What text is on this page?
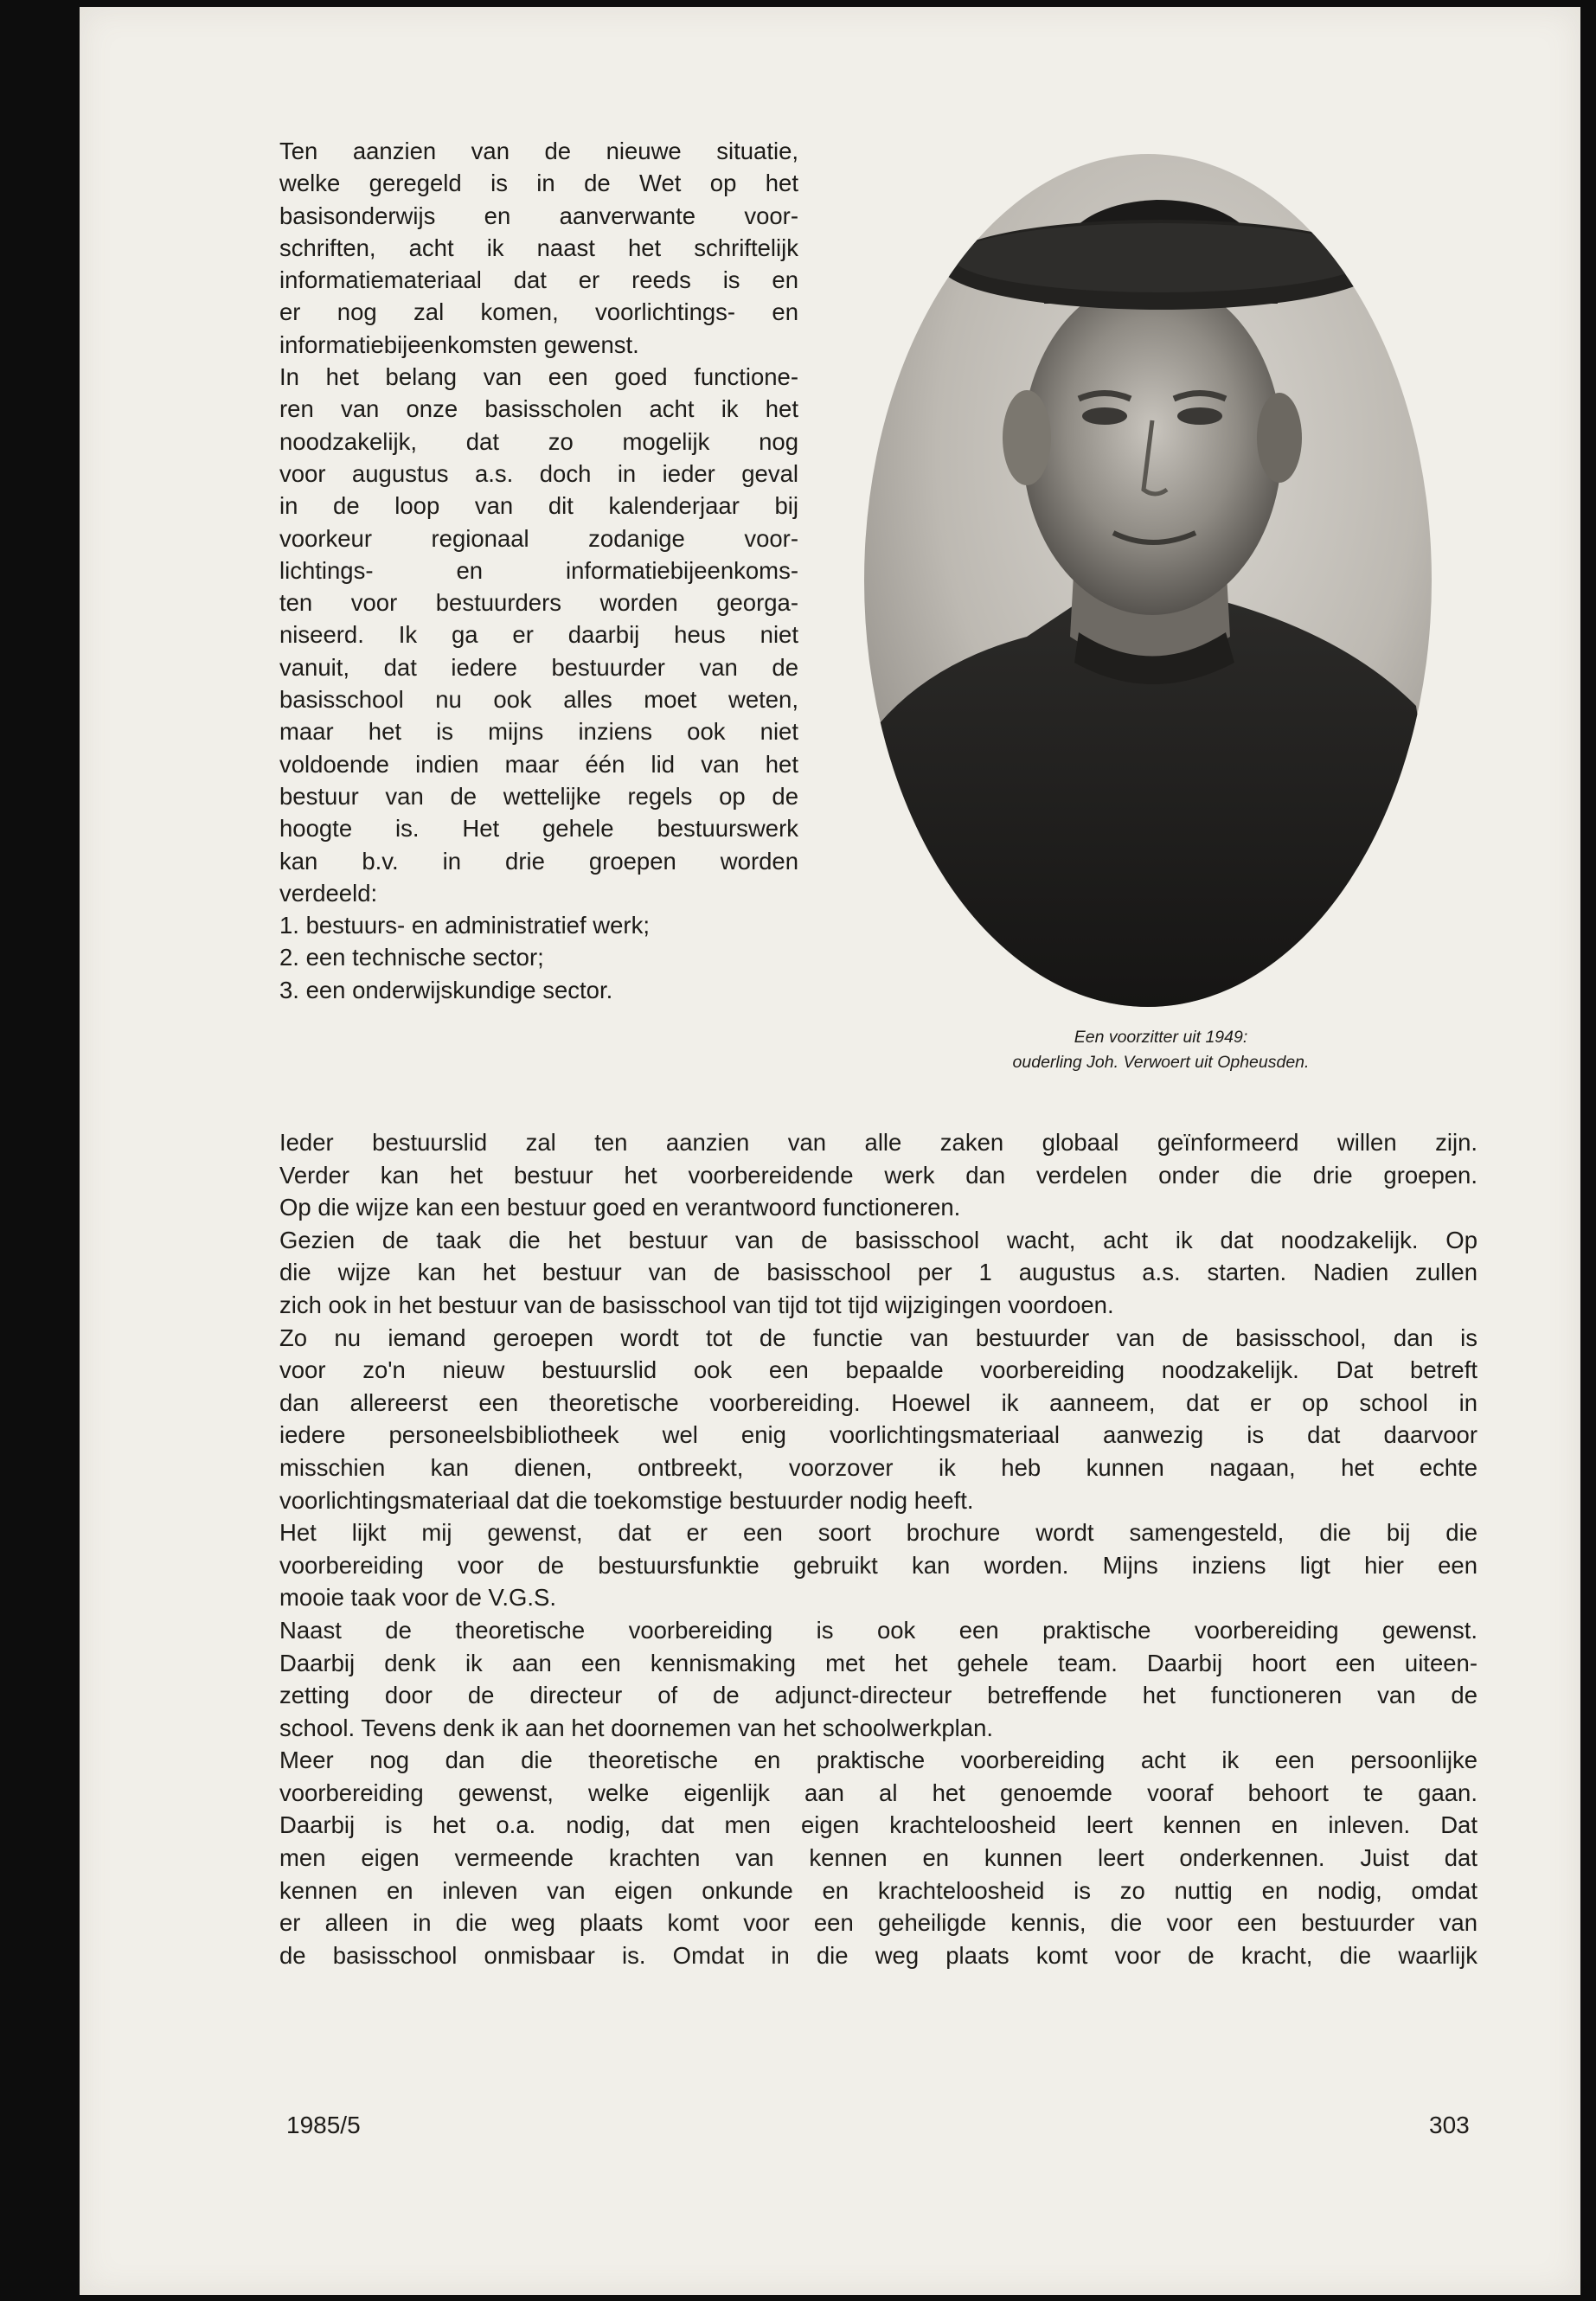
Ten aanzien van de nieuwe situatie,
welke geregeld is in de Wet op het
basisonderwijs en aanverwante voor-
schriften, acht ik naast het schriftelijk
informatiemateriaal dat er reeds is en
er nog zal komen, voorlichtings- en
informatiebijeenkomsten gewenst.
In het belang van een goed functione-
ren van onze basisscholen acht ik het
noodzakelijk, dat zo mogelijk nog
voor augustus a.s. doch in ieder geval
in de loop van dit kalenderjaar bij
voorkeur regionaal zodanige voor-
lichtings- en informatiebijeenkoms-
ten voor bestuurders worden georga-
niseerd. Ik ga er daarbij heus niet
vanuit, dat iedere bestuurder van de
basisschool nu ook alles moet weten,
maar het is mijns inziens ook niet
voldoende indien maar één lid van het
bestuur van de wettelijke regels op de
hoogte is. Het gehele bestuurswerk
kan b.v. in drie groepen worden
verdeeld:
1. bestuurs- en administratief werk;
2. een technische sector;
3. een onderwijskundige sector.
Een voorzitter uit 1949:
ouderling Joh. Verwoert uit Opheusden.
Ieder bestuurslid zal ten aanzien van alle zaken globaal geïnformeerd willen zijn.
Verder kan het bestuur het voorbereidende werk dan verdelen onder die drie groepen.
Op die wijze kan een bestuur goed en verantwoord functioneren.
Gezien de taak die het bestuur van de basisschool wacht, acht ik dat noodzakelijk. Op
die wijze kan het bestuur van de basisschool per 1 augustus a.s. starten. Nadien zullen
zich ook in het bestuur van de basisschool van tijd tot tijd wijzigingen voordoen.
Zo nu iemand geroepen wordt tot de functie van bestuurder van de basisschool, dan is
voor zo'n nieuw bestuurslid ook een bepaalde voorbereiding noodzakelijk. Dat betreft
dan allereerst een theoretische voorbereiding. Hoewel ik aanneem, dat er op school in
iedere personeelsbibliotheek wel enig voorlichtingsmateriaal aanwezig is dat daarvoor
misschien kan dienen, ontbreekt, voorzover ik heb kunnen nagaan, het echte
voorlichtingsmateriaal dat die toekomstige bestuurder nodig heeft.
Het lijkt mij gewenst, dat er een soort brochure wordt samengesteld, die bij die
voorbereiding voor de bestuursfunktie gebruikt kan worden. Mijns inziens ligt hier een
mooie taak voor de V.G.S.
Naast de theoretische voorbereiding is ook een praktische voorbereiding gewenst.
Daarbij denk ik aan een kennismaking met het gehele team. Daarbij hoort een uiteen-
zetting door de directeur of de adjunct-directeur betreffende het functioneren van de
school. Tevens denk ik aan het doornemen van het schoolwerkplan.
Meer nog dan die theoretische en praktische voorbereiding acht ik een persoonlijke
voorbereiding gewenst, welke eigenlijk aan al het genoemde vooraf behoort te gaan.
Daarbij is het o.a. nodig, dat men eigen krachteloosheid leert kennen en inleven. Dat
men eigen vermeende krachten van kennen en kunnen leert onderkennen. Juist dat
kennen en inleven van eigen onkunde en krachteloosheid is zo nuttig en nodig, omdat
er alleen in die weg plaats komt voor een geheiligde kennis, die voor een bestuurder van
de basisschool onmisbaar is. Omdat in die weg plaats komt voor de kracht, die waarlijk
1985/5	303
